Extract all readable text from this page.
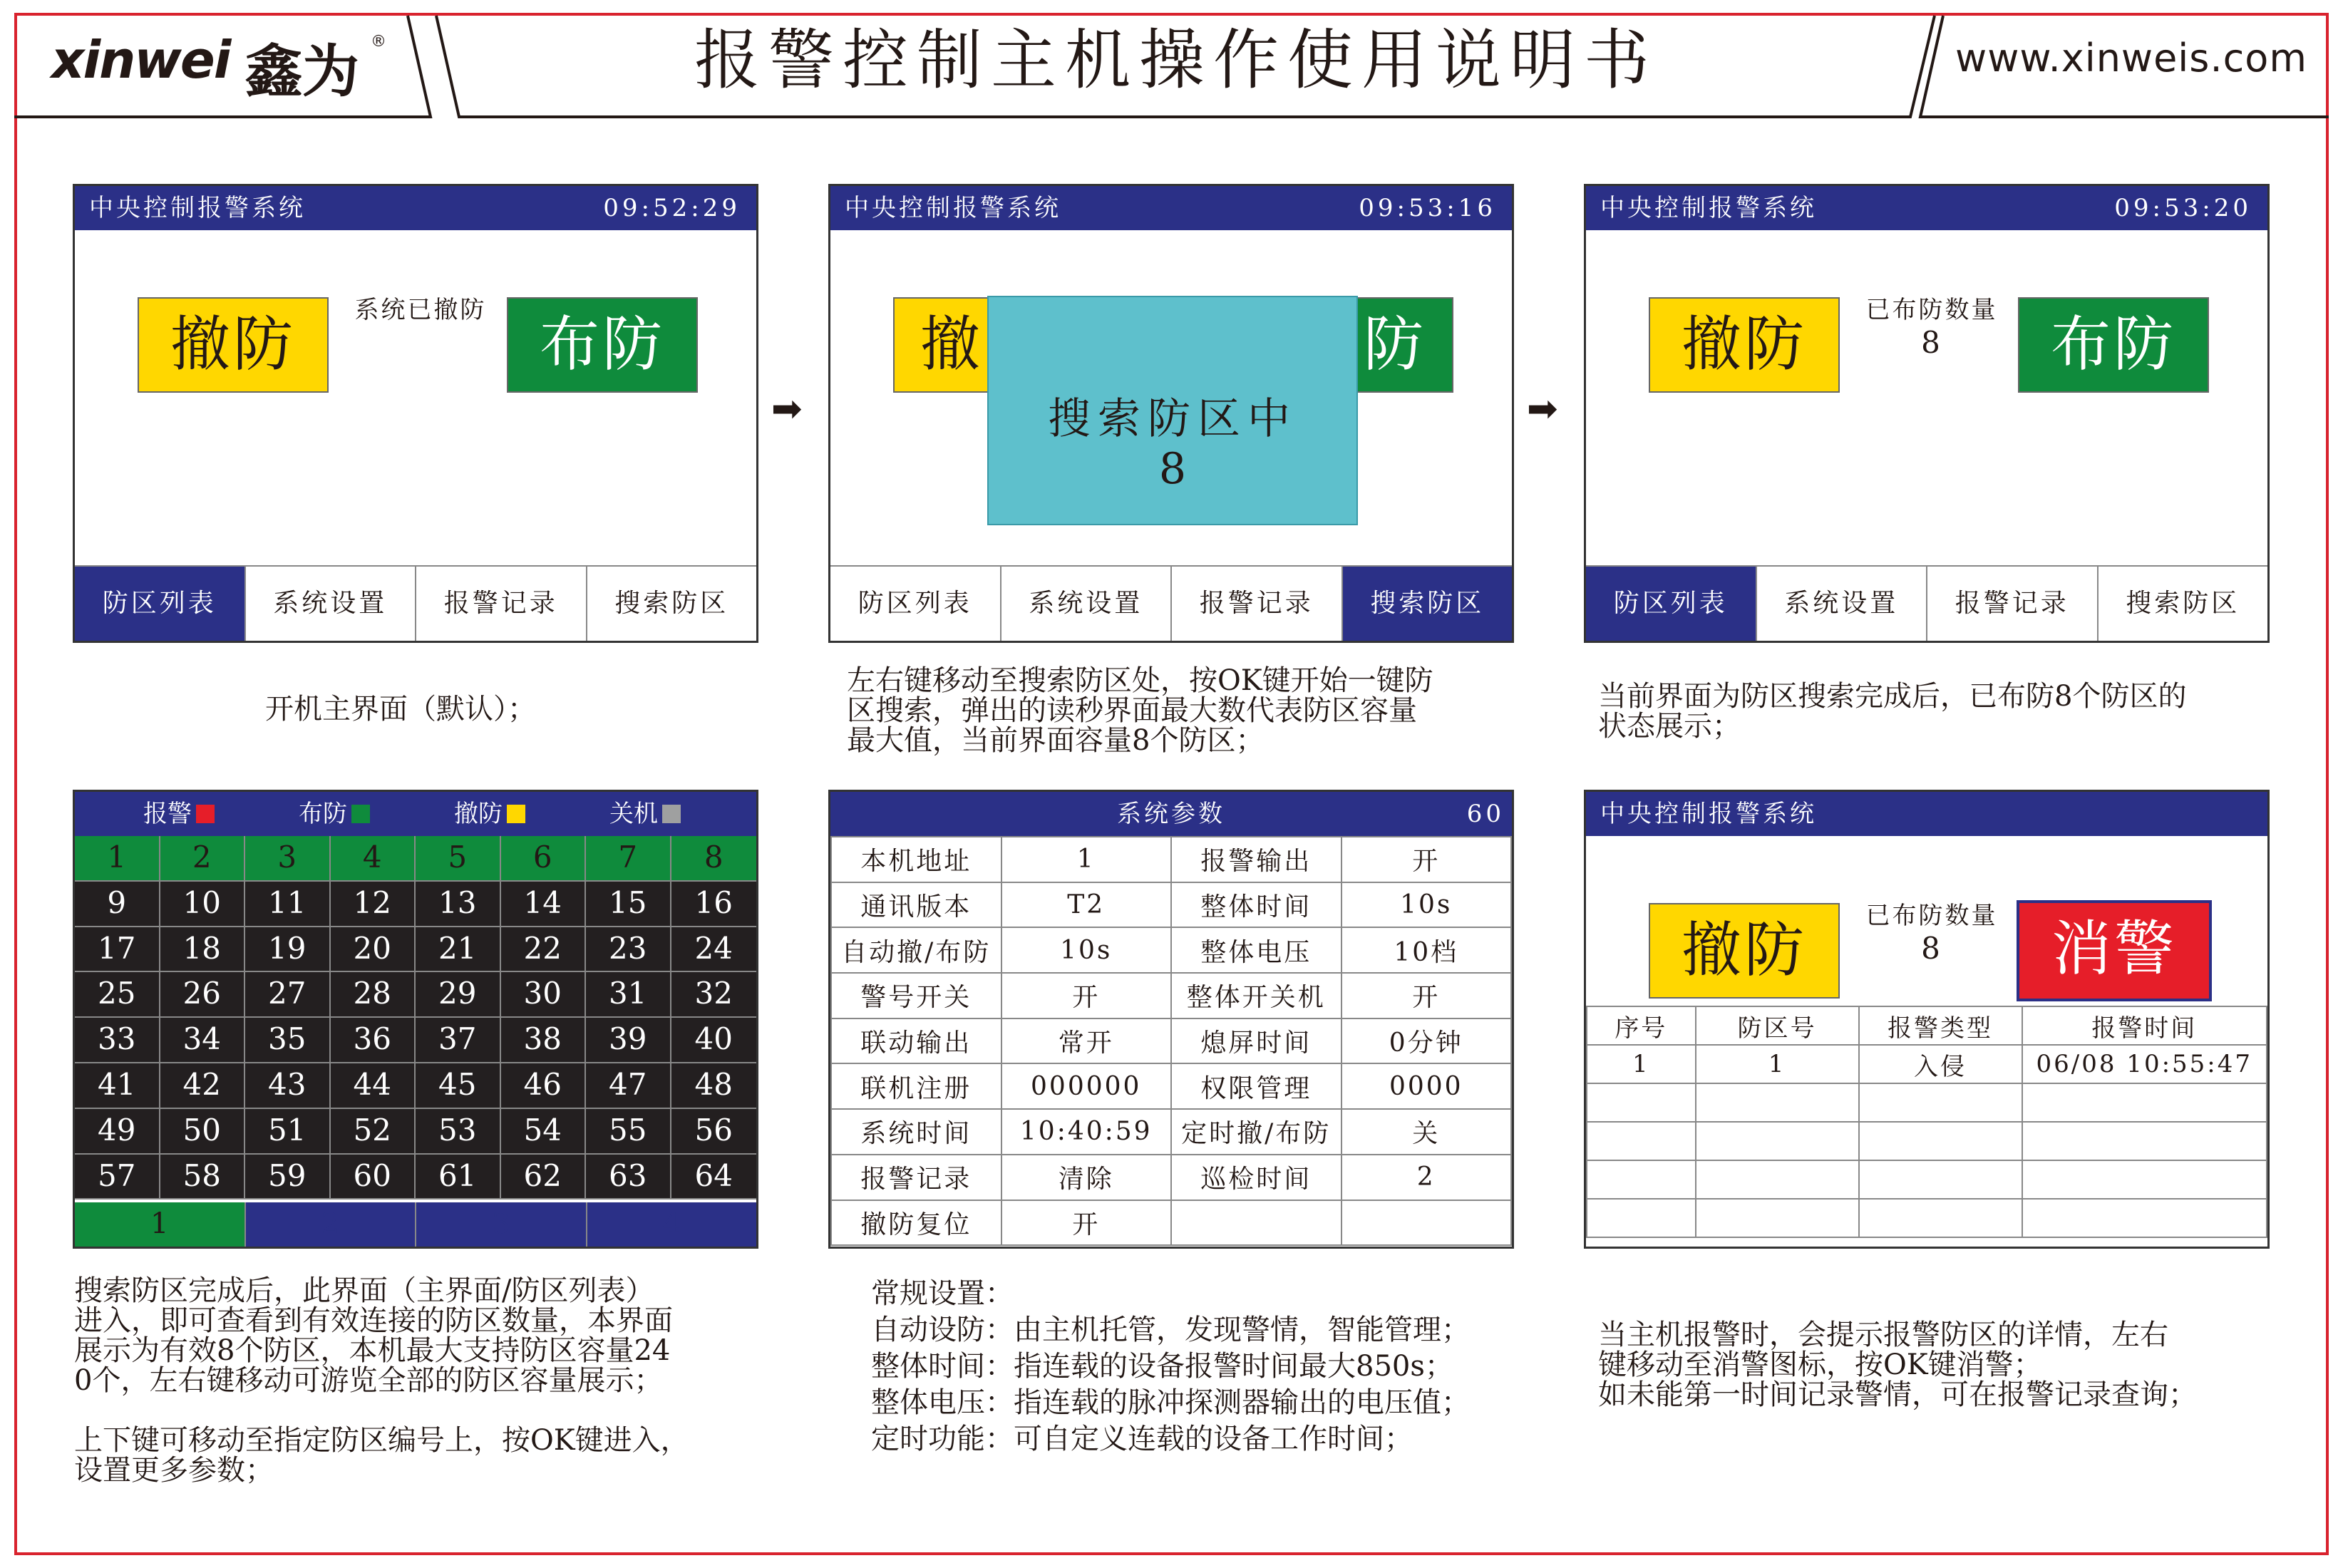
xinwei 鑫为 ®	报警控制主机操作使用说明书	www.xinweis.com
中央控制报警系统	09:52:29
撤防	系统已撤防 布防
防区列表	系统设置	报警记录	搜索防区
➡
中央控制报警系统	09:53:16
撤	防
搜索防区中
8
防区列表	系统设置	报警记录	搜索防区
➡
中央控制报警系统	09:53:20
撤防	已布防数量
8	布防
防区列表	系统设置	报警记录	搜索防区
开机主界面（默认）；
左右键移动至搜索防区处，按OK键开始一键防
区搜索，弹出的读秒界面最大数代表防区容量
最大值，当前界面容量8个防区；
当前界面为防区搜索完成后，已布防8个防区的
状态展示；
报警	布防	撤防	关机
1	2	3	4	5	6	7	8
9	10	11	12	13	14	15	16
17	18	19	20	21	22	23	24
25	26	27	28	29	30	31	32
33	34	35	36	37	38	39	40
41	42	43	44	45	46	47	48
49	50	51	52	53	54	55	56
57	58	59	60	61	62	63	64
1	2	3	4
系统参数	60
本机地址	1	报警输出	开
通讯版本	T2	整体时间	10s
自动撤/布防	10s	整体电压	10档
警号开关	开	整体开关机	开
联动输出	常开	熄屏时间	0分钟
联机注册	000000	权限管理	0000
系统时间	10:40:59	定时撤/布防	关
报警记录	清除	巡检时间	2
撤防复位	开		
中央控制报警系统
撤防	已布防数量
8	消警
序号	防区号	报警类型	报警时间
1	1	入侵	06/08 10:55:47

搜索防区完成后，此界面（主界面/防区列表）
进入，即可查看到有效连接的防区数量，本界面
展示为有效8个防区，本机最大支持防区容量24
0个，左右键移动可游览全部的防区容量展示；

上下键可移动至指定防区编号上，按OK键进入，
设置更多参数；
常规设置：
自动设防：由主机托管，发现警情，智能管理；
整体时间：指连载的设备报警时间最大850s；
整体电压：指连载的脉冲探测器输出的电压值；
定时功能：可自定义连载的设备工作时间；
当主机报警时，会提示报警防区的详情，左右
键移动至消警图标，按OK键消警；
如未能第一时间记录警情，可在报警记录查询；
